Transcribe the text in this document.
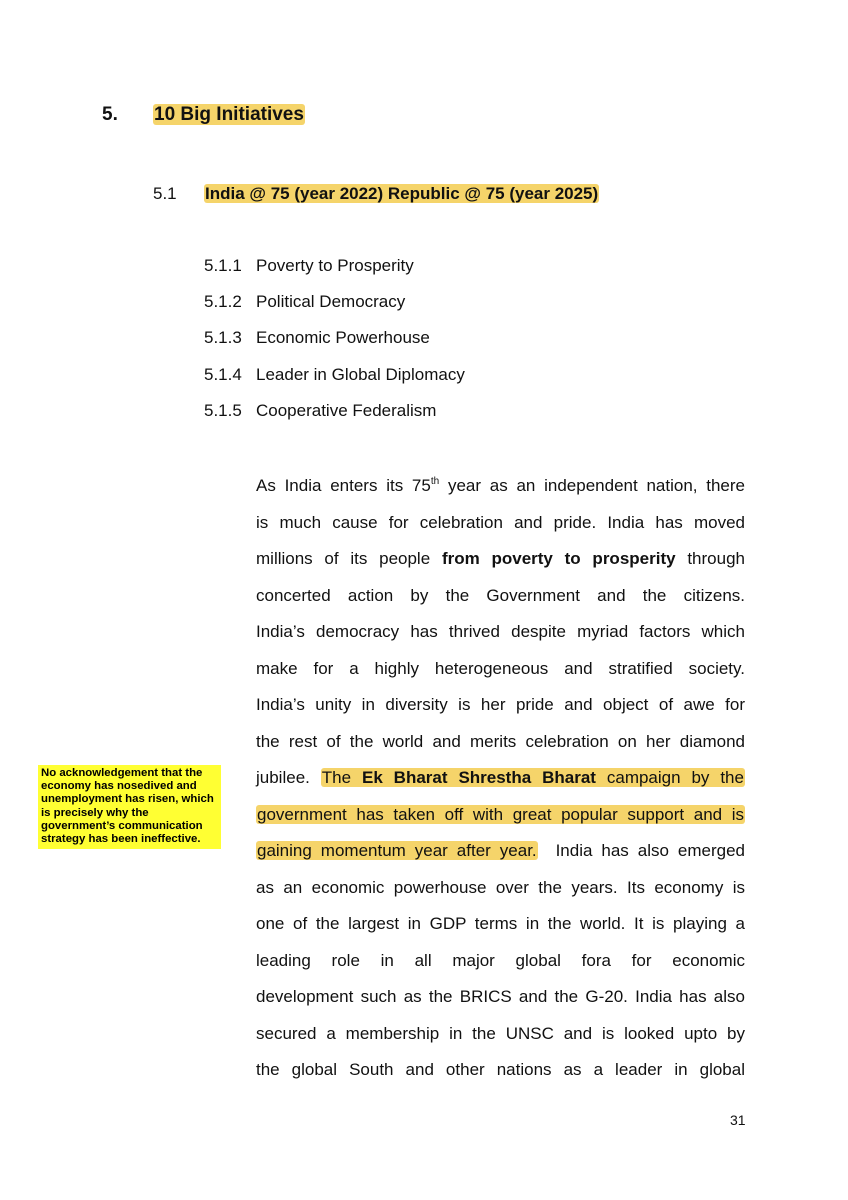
5. 10 Big Initiatives
5.1 India @ 75 (year 2022) Republic @ 75 (year 2025)
5.1.1 Poverty to Prosperity
5.1.2 Political Democracy
5.1.3 Economic Powerhouse
5.1.4 Leader in Global Diplomacy
5.1.5 Cooperative Federalism
As India enters its 75th year as an independent nation, there
is much cause for celebration and pride. India has moved
millions of its people from poverty to prosperity through
concerted action by the Government and the citizens.
India’s democracy has thrived despite myriad factors which
make for a highly heterogeneous and stratified society.
India’s unity in diversity is her pride and object of awe for
the rest of the world and merits celebration on her diamond
jubilee. The Ek Bharat Shrestha Bharat campaign by the
government has taken off with great popular support and is
gaining momentum year after year.  India has also emerged
as an economic powerhouse over the years. Its economy is
one of the largest in GDP terms in the world. It is playing a
leading role in all major global fora for economic
development such as the BRICS and the G-20. India has also
secured a membership in the UNSC and is looked upto by
the global South and other nations as a leader in global
No acknowledgement that the economy has nosedived and unemployment has risen, which is precisely why the government’s communication strategy has been ineffective.
31
